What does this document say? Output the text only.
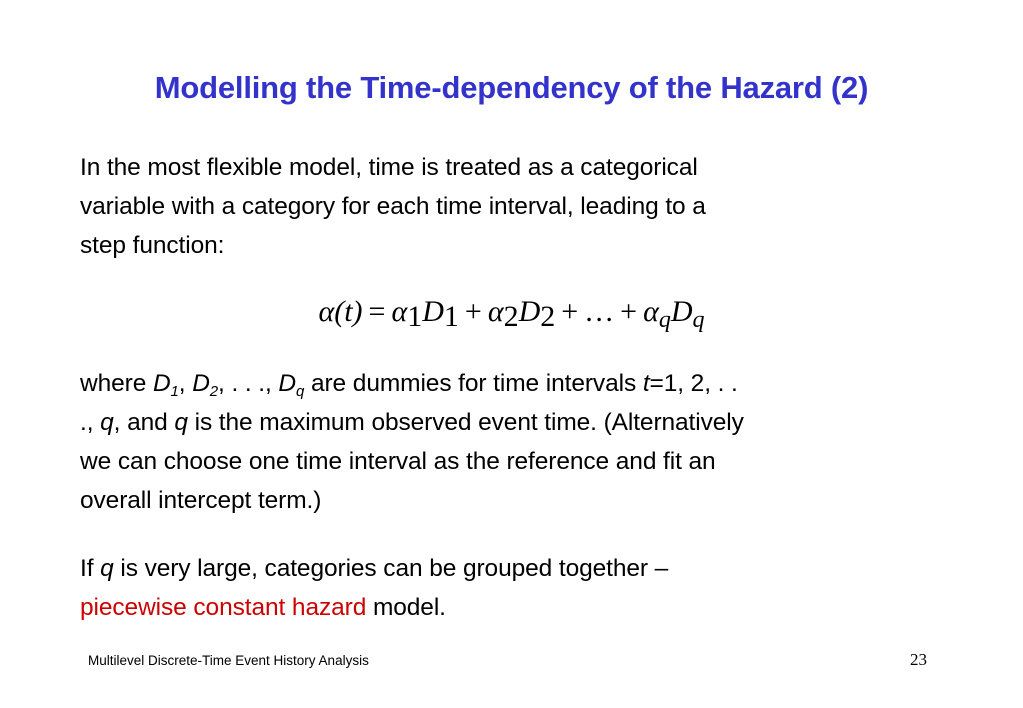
Modelling the Time-dependency of the Hazard (2)
In the most flexible model, time is treated as a categorical
variable with a category for each time interval, leading to a
step function:
α(t) = α1D1 + α2D2 + … + $\alpha_qD_q$
where $D_1$, $D_2$, . . ., $D_q$ are dummies for time intervals t=1, 2, . .
., q, and q is the maximum observed event time. (Alternatively
we can choose one time interval as the reference and fit an
overall intercept term.)
If q is very large, categories can be grouped together –
piecewise constant hazard model.
Multilevel Discrete-Time Event History Analysis	23
